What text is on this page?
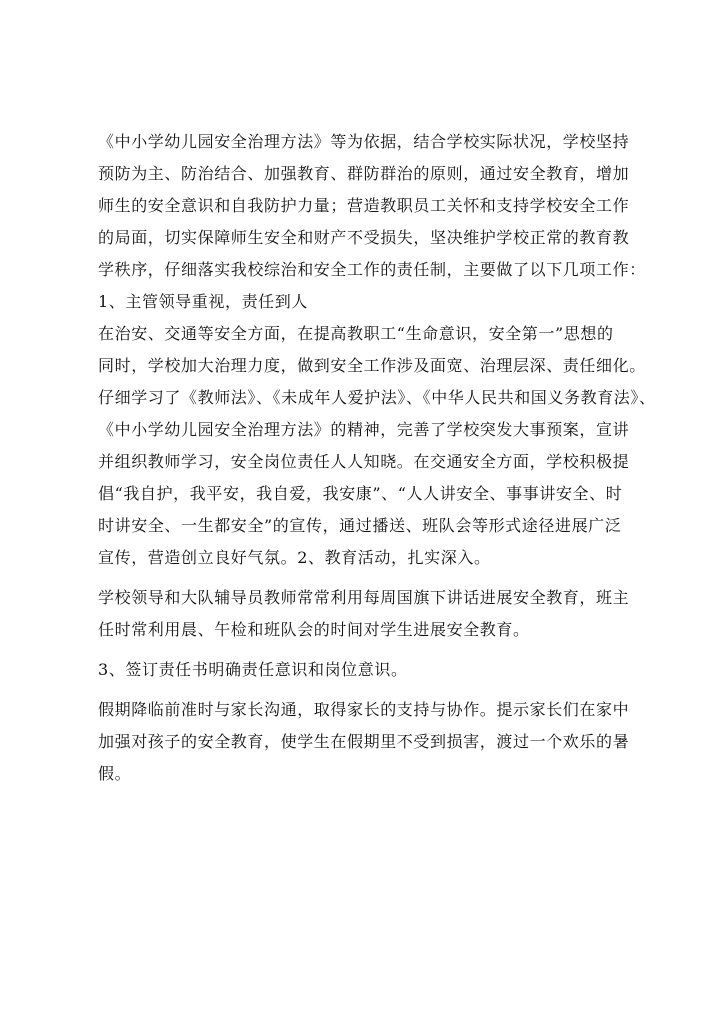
《中小学幼儿园安全治理方法》等为依据，结合学校实际状况，学校坚持
预防为主、防治结合、加强教育、群防群治的原则，通过安全教育，增加
师生的安全意识和自我防护力量；营造教职员工关怀和支持学校安全工作
的局面，切实保障师生安全和财产不受损失，坚决维护学校正常的教育教
学秩序，仔细落实我校综治和安全工作的责任制，主要做了以下几项工作：
1、主管领导重视，责任到人
在治安、交通等安全方面，在提高教职工“生命意识，安全第一”思想的
同时，学校加大治理力度，做到安全工作涉及面宽、治理层深、责任细化。
仔细学习了《教师法》、《未成年人爱护法》、《中华人民共和国义务教育法》、
《中小学幼儿园安全治理方法》的精神，完善了学校突发大事预案，宣讲
并组织教师学习，安全岗位责任人人知晓。在交通安全方面，学校积极提
倡“我自护，我平安，我自爱，我安康”、“人人讲安全、事事讲安全、时
时讲安全、一生都安全”的宣传，通过播送、班队会等形式途径进展广泛
宣传，营造创立良好气氛。2、教育活动，扎实深入。
学校领导和大队辅导员教师常常利用每周国旗下讲话进展安全教育，班主
任时常利用晨、午检和班队会的时间对学生进展安全教育。
3、签订责任书明确责任意识和岗位意识。
假期降临前准时与家长沟通，取得家长的支持与协作。提示家长们在家中
加强对孩子的安全教育，使学生在假期里不受到损害，渡过一个欢乐的暑
假。
